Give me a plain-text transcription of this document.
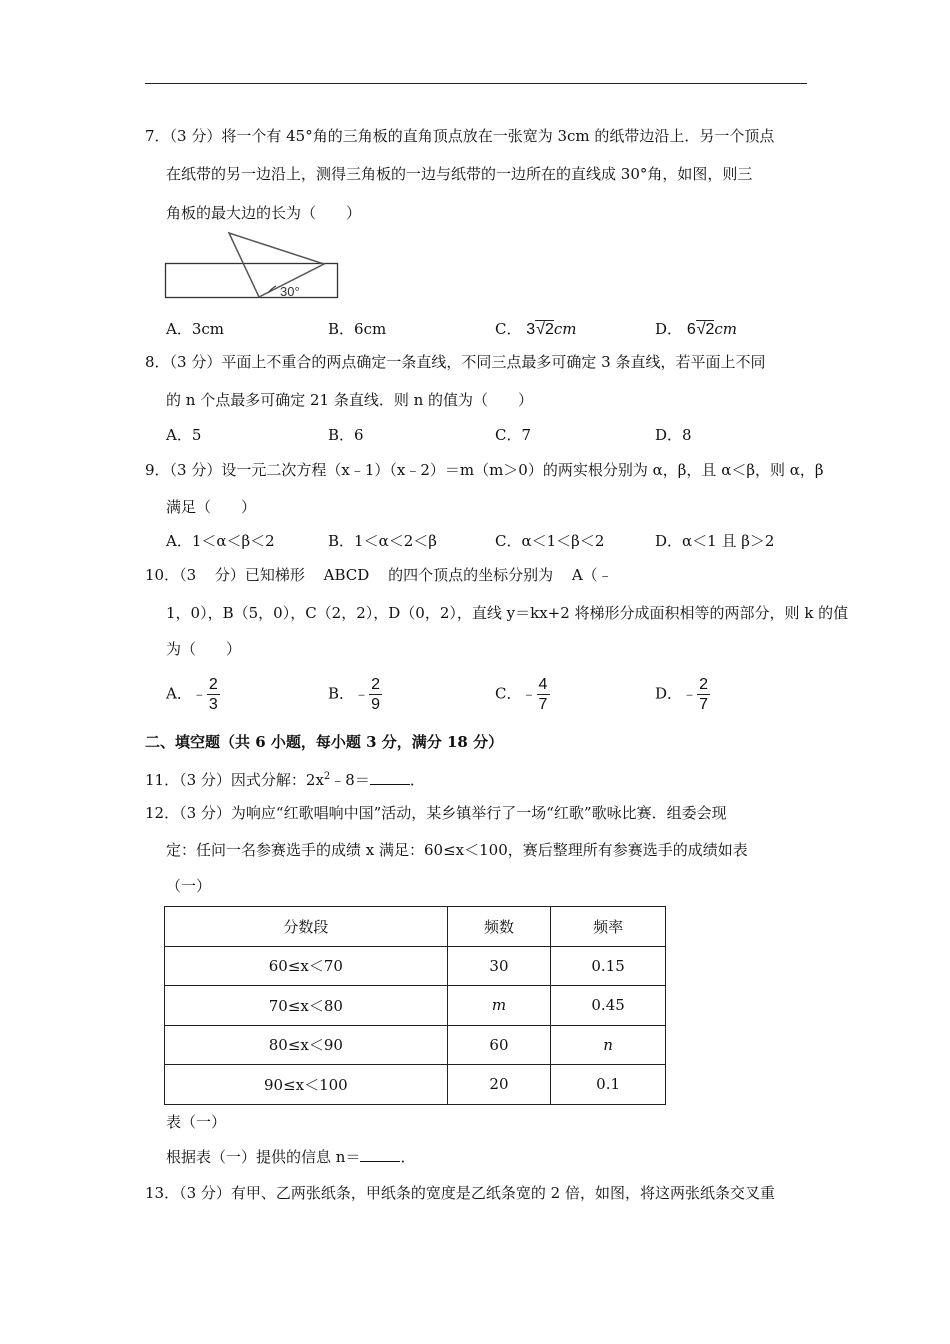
7．（3 分）将一个有 45°角的三角板的直角顶点放在一张宽为 3cm 的纸带边沿上．另一个顶点
在纸带的另一边沿上，测得三角板的一边与纸带的一边所在的直线成 30°角，如图，则三
角板的最大边的长为（　　）
30°
A．3cm	B．6cm	C． 3√2cm	D． 6√2cm
8．（3 分）平面上不重合的两点确定一条直线，不同三点最多可确定 3 条直线，若平面上不同
的 n 个点最多可确定 21 条直线．则 n 的值为（　　）
A．5	B．6	C．7	D．8
9．（3 分）设一元二次方程（x﹣1）（x﹣2）＝m（m＞0）的两实根分别为 α，β，且 α＜β，则 α，β
满足（　　）
A．1＜α＜β＜2	B．1＜α＜2＜β	C．α＜1＜β＜2	D．α＜1 且 β＞2
10．（3 分）已知梯形 ABCD 的四个顶点的坐标分别为 A（﹣
1，0），B（5，0），C（2，2），D（0，2），直线 y＝kx+2 将梯形分成面积相等的两部分，则 k 的值
为（　　）
A．﹣ $\frac{2}{3}$	B．﹣ $\frac{2}{9}$	C．﹣ $\frac{4}{7}$	D．﹣ $\frac{2}{7}$
二、填空题（共 6 小题，每小题 3 分，满分 18 分）
11．（3 分）因式分解：$2x^2﹣8=$	．
12．（3 分）为响应“红歌唱响中国”活动，某乡镇举行了一场“红歌”歌咏比赛．组委会现
定：任问一名参赛选手的成绩 x 满足：60≤x＜100，赛后整理所有参赛选手的成绩如表
（一）
分数段	频数	频率
60≤x＜70	30	0.15
70≤x＜80	m	0.45
80≤x＜90	60	n
90≤x＜100	20	0.1
表（一）
根据表（一）提供的信息 n＝	．
13．（3 分）有甲、乙两张纸条，甲纸条的宽度是乙纸条宽的 2 倍，如图，将这两张纸条交叉重
